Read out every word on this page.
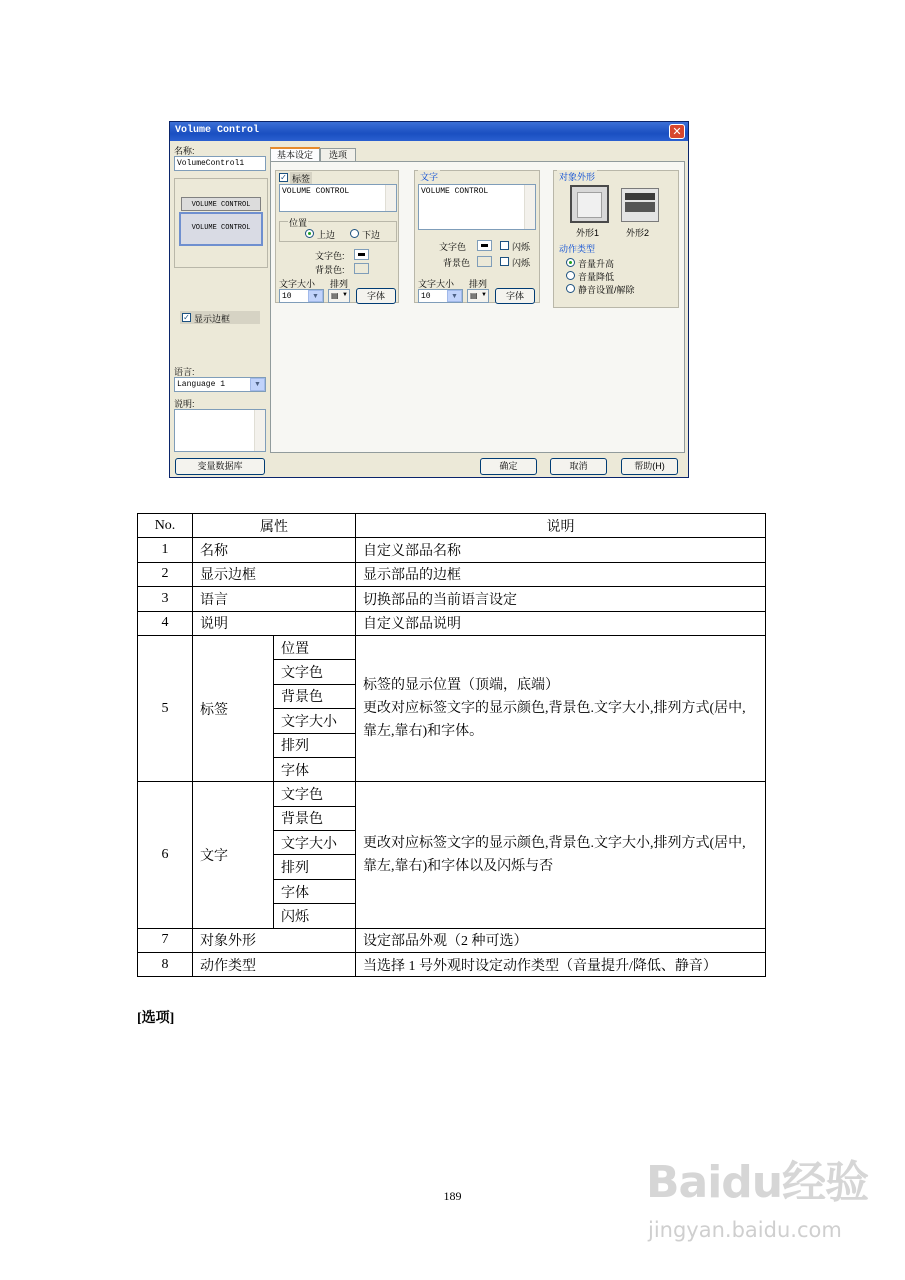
Volume Control	✕
名称:
VolumeControl1
VOLUME CONTROL
VOLUME CONTROL
✓ 显示边框
语言:
Language 1	▼
说明:
基本设定	选项
✓ 标签
VOLUME CONTROL
位置
上边	下边
文字色:
背景色:
文字大小 排列
10	▼	▤ ▼	字体
文字
VOLUME CONTROL
文字色	闪烁
背景色	闪烁
文字大小 排列
10	▼	▤ ▼	字体
对象外形
外形1	外形2
动作类型
音量升高
音量降低
静音设置/解除
变量数据库	确定	取消	帮助(H)
No.	属性		说明
1	名称		自定义部品名称
2	显示边框		显示部品的边框
3	语言		切换部品的当前语言设定
4	说明		自定义部品说明
5	标签	位置	标签的显示位置（顶端，底端）
更改对应标签文字的显示颜色,背景色.文字大小,排列方式(居中,靠左,靠右)和字体。

		文字色	
		背景色	
		文字大小	
		排列	
		字体	
6	文字	文字色	更改对应标签文字的显示颜色,背景色.文字大小,排列方式(居中,靠左,靠右)和字体以及闪烁与否
		背景色	
		文字大小	
		排列	
		字体	
		闪烁	
7	对象外形		设定部品外观（2 种可选）
8	动作类型		当选择 1 号外观时设定动作类型（音量提升/降低、静音）
[选项]
189	Baidu经验
jingyan.baidu.com
